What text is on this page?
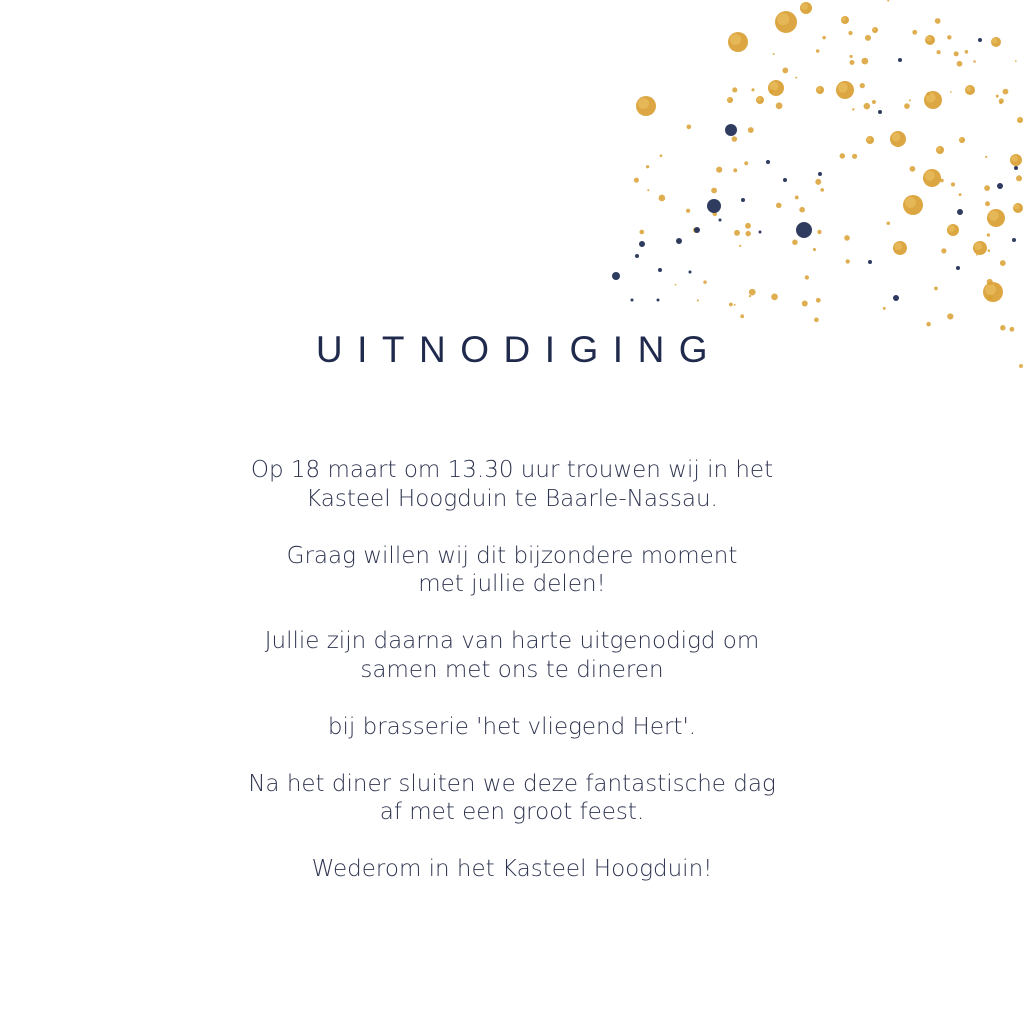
UITNODIGING

Op 18 maart om 13.30 uur trouwen wij in het
Kasteel Hoogduin te Baarle-Nassau.

Graag willen wij dit bijzondere moment
met jullie delen!

Jullie zijn daarna van harte uitgenodigd om
samen met ons te dineren

bij brasserie 'het vliegend Hert'.

Na het diner sluiten we deze fantastische dag
af met een groot feest.

Wederom in het Kasteel Hoogduin!
